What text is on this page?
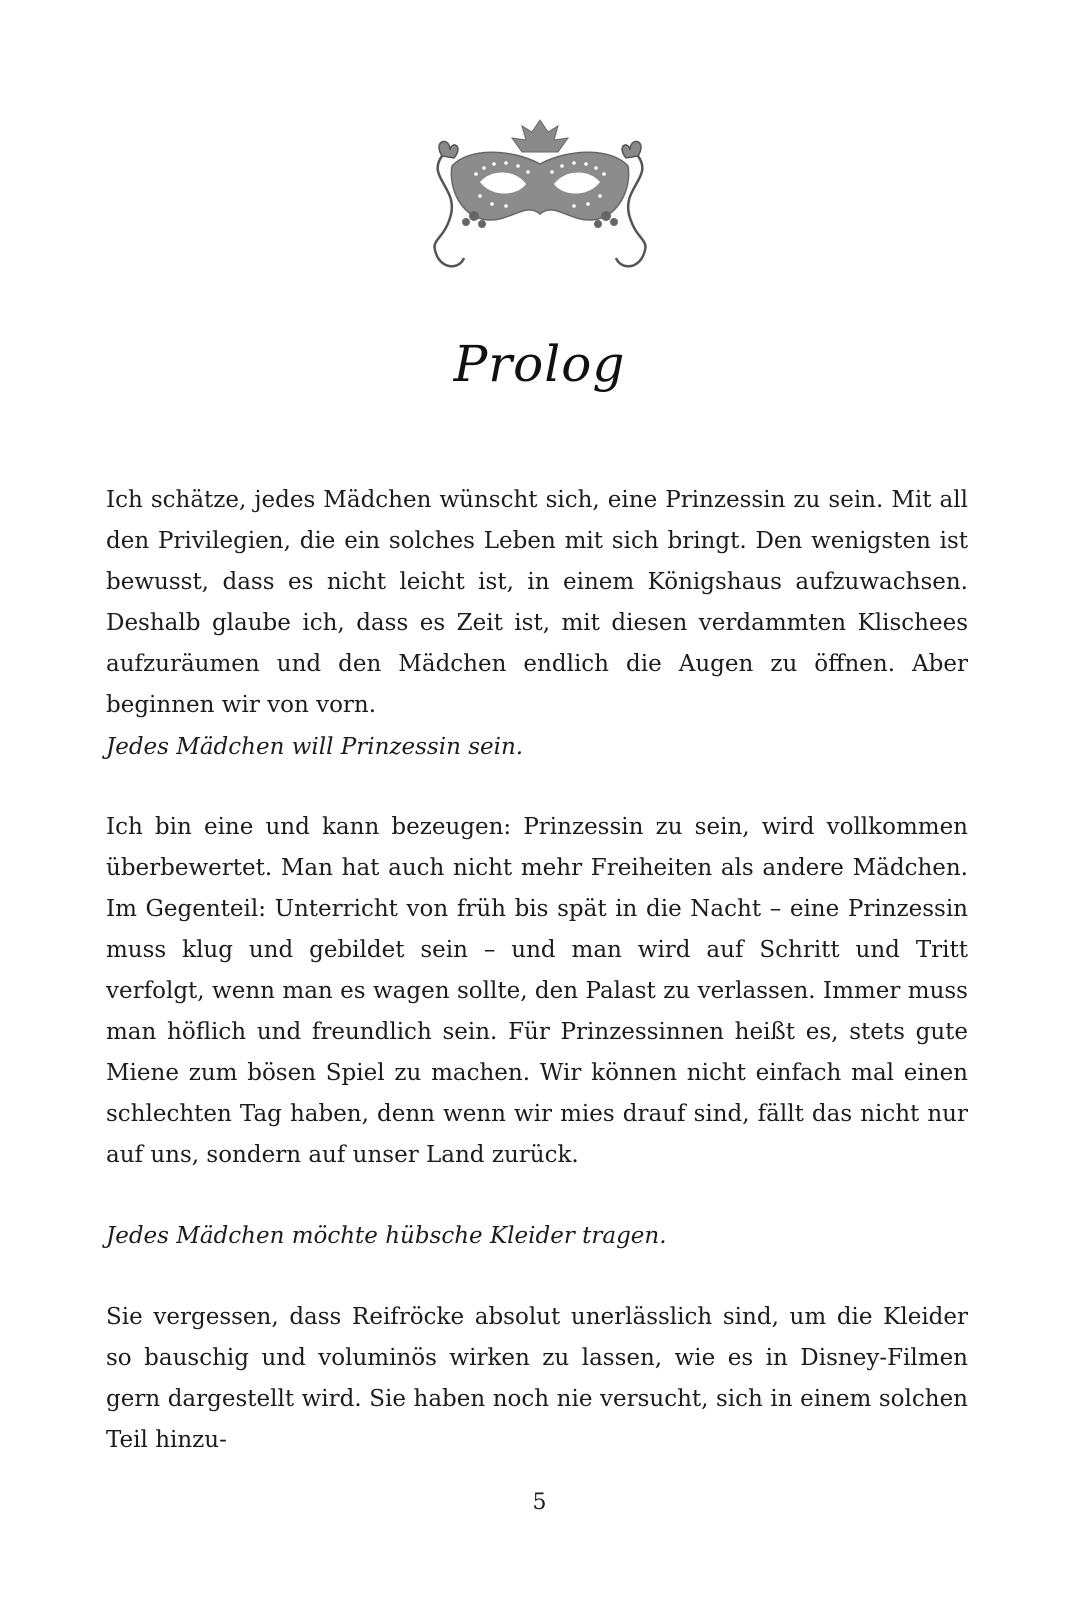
Prolog

Ich schätze, jedes Mädchen wünscht sich, eine Prinzessin zu sein. Mit all den Privilegien, die ein solches Leben mit sich bringt. Den wenigsten ist bewusst, dass es nicht leicht ist, in einem Königshaus aufzuwachsen. Deshalb glaube ich, dass es Zeit ist, mit diesen verdammten Klischees aufzuräumen und den Mädchen endlich die Augen zu öffnen. Aber beginnen wir von vorn.

Jedes Mädchen will Prinzessin sein.

Ich bin eine und kann bezeugen: Prinzessin zu sein, wird vollkommen überbewertet. Man hat auch nicht mehr Freiheiten als andere Mädchen. Im Gegenteil: Unterricht von früh bis spät in die Nacht – eine Prinzessin muss klug und gebildet sein – und man wird auf Schritt und Tritt verfolgt, wenn man es wagen sollte, den Palast zu verlassen. Immer muss man höflich und freundlich sein. Für Prinzessinnen heißt es, stets gute Miene zum bösen Spiel zu machen. Wir können nicht einfach mal einen schlechten Tag haben, denn wenn wir mies drauf sind, fällt das nicht nur auf uns, sondern auf unser Land zurück.

Jedes Mädchen möchte hübsche Kleider tragen.

Sie vergessen, dass Reifröcke absolut unerlässlich sind, um die Kleider so bauschig und voluminös wirken zu lassen, wie es in Disney-Filmen gern dargestellt wird. Sie haben noch nie versucht, sich in einem solchen Teil hinzu-

5
